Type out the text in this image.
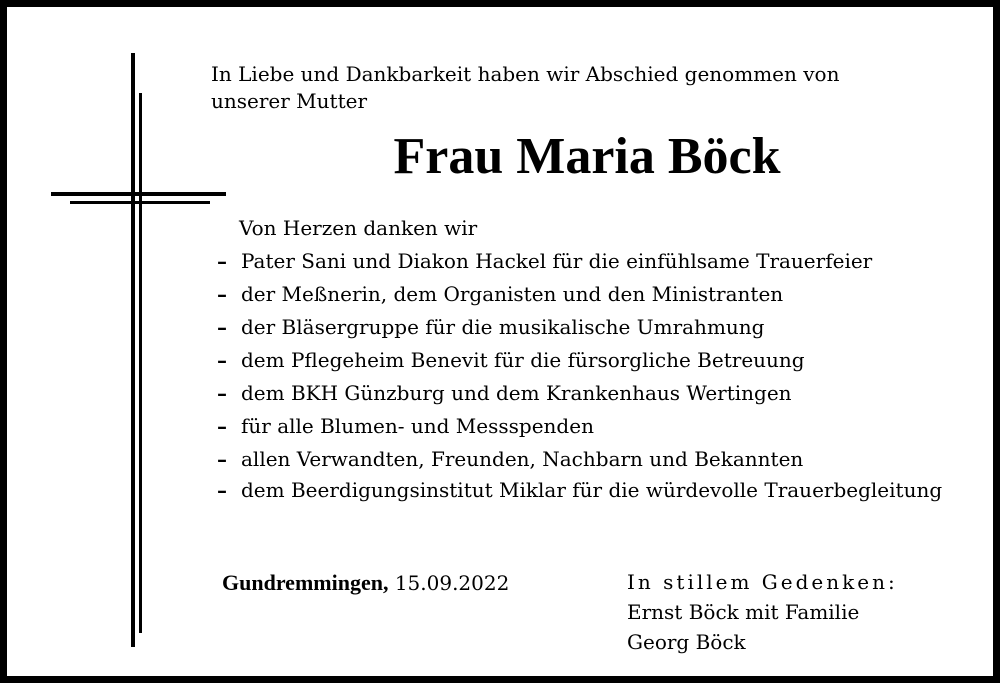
In Liebe und Dankbarkeit haben wir Abschied genommen von unserer Mutter
Frau Maria Böck
Von Herzen danken wir
– Pater Sani und Diakon Hackel für die einfühlsame Trauerfeier
– der Meßnerin, dem Organisten und den Ministranten
– der Bläsergruppe für die musikalische Umrahmung
– dem Pflegeheim Benevit für die fürsorgliche Betreuung
– dem BKH Günzburg und dem Krankenhaus Wertingen
– für alle Blumen- und Messspenden
– allen Verwandten, Freunden, Nachbarn und Bekannten
– dem Beerdigungsinstitut Miklar für die würdevolle Trauerbegleitung
Gundremmingen, 15.09.2022	In stillem Gedenken:
Ernst Böck mit Familie
Georg Böck
